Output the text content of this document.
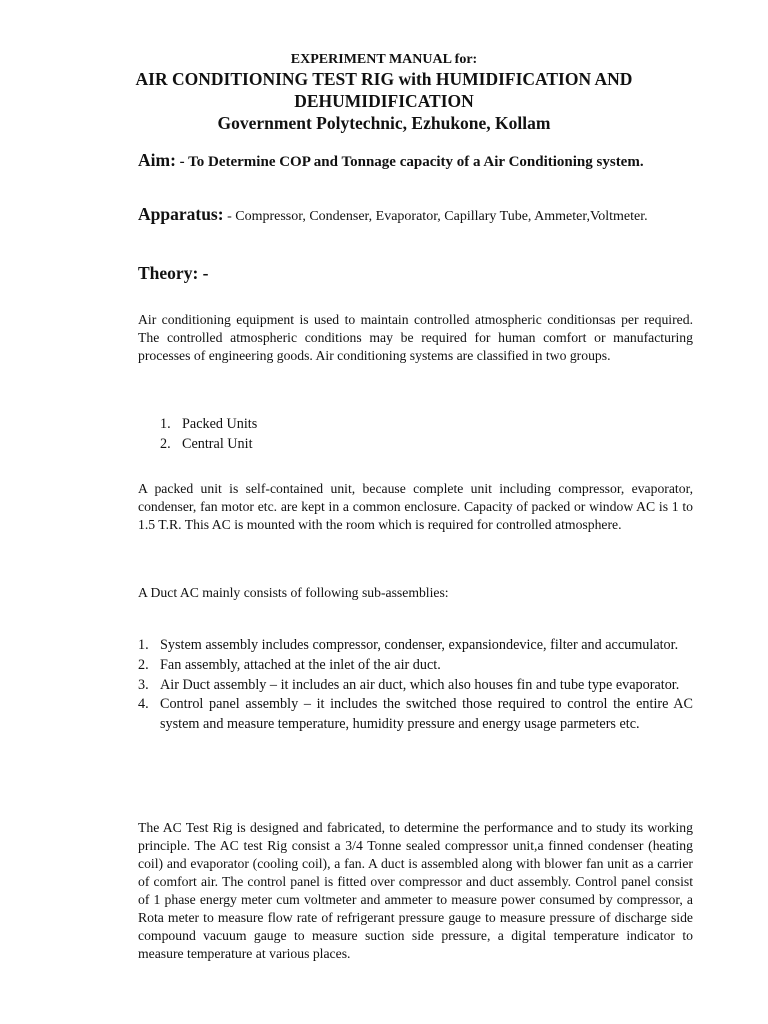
EXPERIMENT MANUAL for:

AIR CONDITIONING TEST RIG with HUMIDIFICATION AND

DEHUMIDIFICATION

Government Polytechnic, Ezhukone, Kollam

Aim: - To Determine COP and Tonnage capacity of a Air Conditioning system.
Apparatus: - Compressor, Condenser, Evaporator, Capillary Tube, Ammeter,Voltmeter.
Theory: -

Air conditioning equipment is used to maintain controlled atmospheric conditionsas per required. The controlled atmospheric conditions may be required for human comfort or manufacturing processes of engineering goods. Air conditioning systems are classified in two groups.

1. Packed Units
2. Central Unit

A packed unit is self-contained unit, because complete unit including compressor, evaporator, condenser, fan motor etc. are kept in a common enclosure. Capacity of packed or window AC is 1 to 1.5 T.R. This AC is mounted with the room which is required for controlled atmosphere.

A Duct AC mainly consists of following sub-assemblies:

1. System assembly includes compressor, condenser, expansiondevice, filter and accumulator.
2. Fan assembly, attached at the inlet of the air duct.
3. Air Duct assembly – it includes an air duct, which also houses fin and tube type evaporator.
4. Control panel assembly – it includes the switched those required to control the entire AC system and measure temperature, humidity pressure and energy usage parmeters etc.

The AC Test Rig is designed and fabricated, to determine the performance and to study its working principle. The AC test Rig consist a 3/4 Tonne sealed compressor unit,a finned condenser (heating coil) and evaporator (cooling coil), a fan. A duct is assembled along with blower fan unit as a carrier of comfort air. The control panel is fitted over compressor and duct assembly. Control panel consist of 1 phase energy meter cum voltmeter and ammeter to measure power consumed by compressor, a Rota meter to measure flow rate of refrigerant pressure gauge to measure pressure of discharge side compound vacuum gauge to measure suction side pressure, a digital temperature indicator to measure temperature at various places.
